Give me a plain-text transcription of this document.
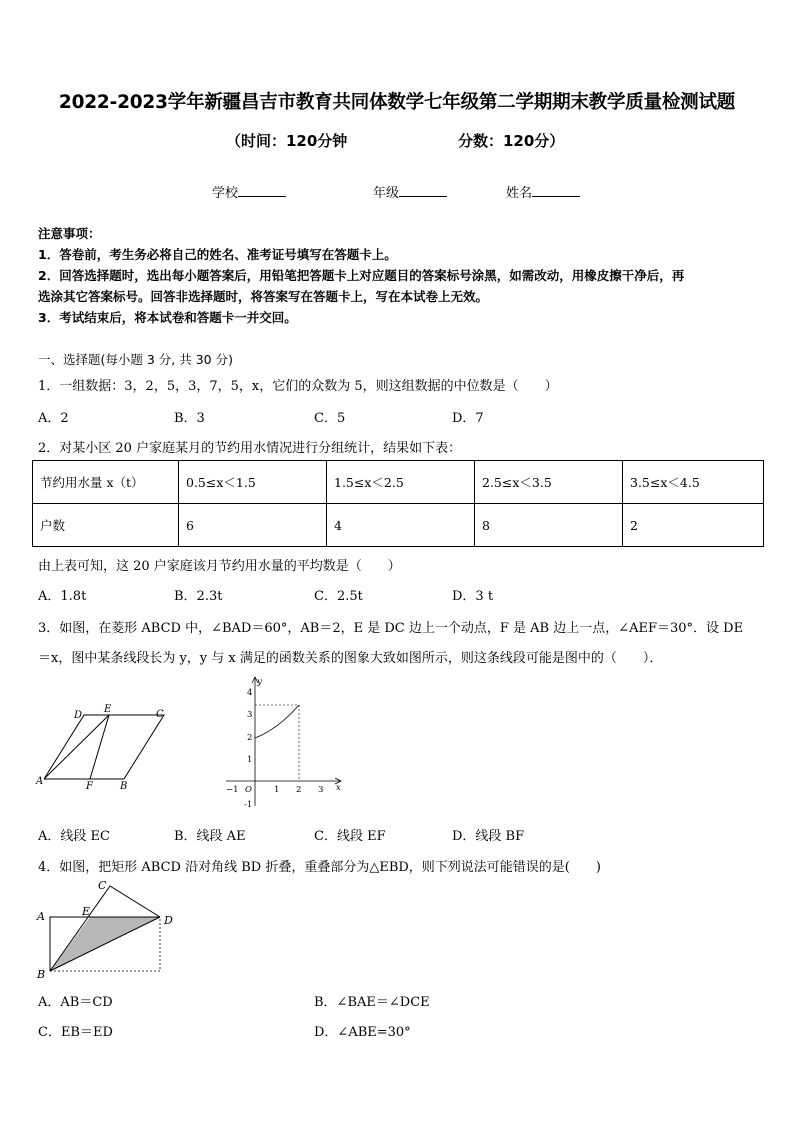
2022-2023学年新疆昌吉市教育共同体数学七年级第二学期期末教学质量检测试题
（时间：120分钟	分数：120分）
学校	年级	姓名
注意事项：
1．答卷前，考生务必将自己的姓名、准考证号填写在答题卡上。
2．回答选择题时，选出每小题答案后，用铅笔把答题卡上对应题目的答案标号涂黑，如需改动，用橡皮擦干净后，再
选涂其它答案标号。回答非选择题时，将答案写在答题卡上，写在本试卷上无效。
3．考试结束后，将本试卷和答题卡一并交回。
一、选择题(每小题 3 分, 共 30 分)
1．一组数据：3，2，5，3，7，5，x，它们的众数为 5，则这组数据的中位数是（　　）
A．2	B．3	C．5	D．7
2．对某小区 20 户家庭某月的节约用水情况进行分组统计，结果如下表：
节约用水量 x（t）	0.5≤x＜1.5	1.5≤x＜2.5	2.5≤x＜3.5	3.5≤x＜4.5
户数	6	4	8	2
由上表可知，这 20 户家庭该月节约用水量的平均数是（　　）
A．1.8t	B．2.3t	C．2.5t	D．3 t
3．如图，在菱形 ABCD 中，∠BAD＝60°，AB＝2，E 是 DC 边上一个动点，F 是 AB 边上一点，∠AEF＝30°．设 DE
＝x，图中某条线段长为 y，y 与 x 满足的函数关系的图象大致如图所示，则这条线段可能是图中的（　　）．
A	B
C
D
E
F
y
x
O
4
3
2
1
-1
−1	1 2 3
A．线段 EC	B．线段 AE	C．线段 EF	D．线段 BF
4．如图，把矩形 ABCD 沿对角线 BD 折叠，重叠部分为△EBD，则下列说法可能错误的是(　　)
A
B
C
D
E
A．AB＝CD	B．∠BAE＝∠DCE
C．EB＝ED	D．∠ABE=30°
